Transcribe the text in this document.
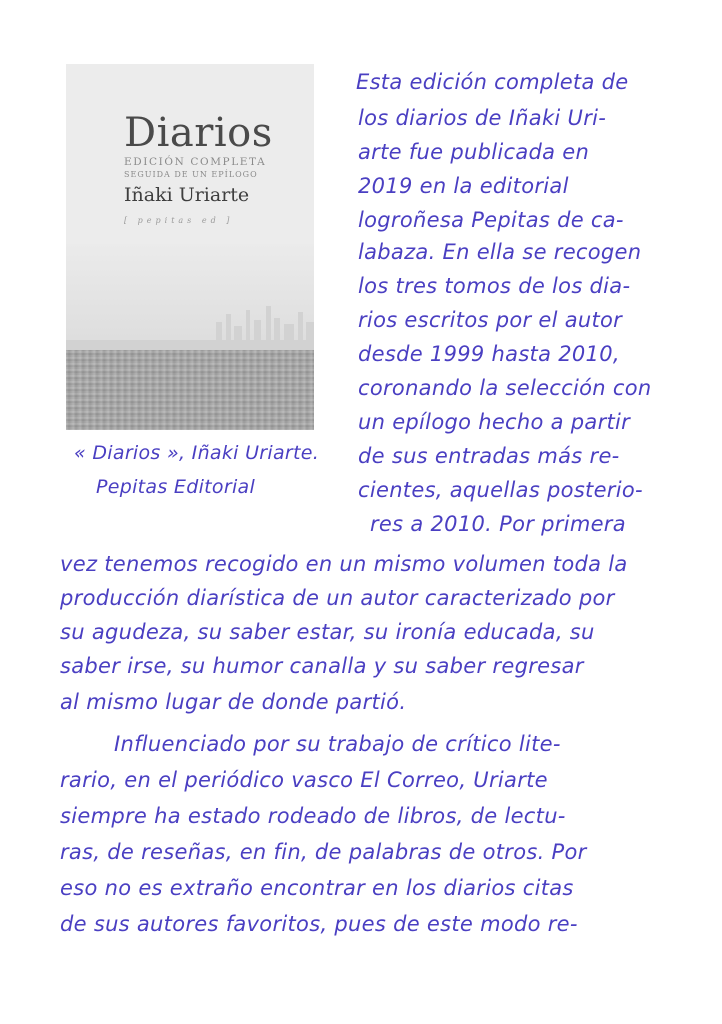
Diarios
EDICIÓN COMPLETA
SEGUIDA DE UN EPÍLOGO
Iñaki Uriarte
[ pepitas ed ]
« Diarios », Iñaki Uriarte.
Pepitas Editorial
Esta edición completa de
los diarios de Iñaki Uri-
arte fue publicada en
2019 en la editorial
logroñesa Pepitas de ca-
labaza. En ella se recogen
los tres tomos de los dia-
rios escritos por el autor
desde 1999 hasta 2010,
coronando la selección con
un epílogo hecho a partir
de sus entradas más re-
cientes, aquellas posterio-
res a 2010. Por primera
vez tenemos recogido en un mismo volumen toda la
producción diarística de un autor caracterizado por
su agudeza, su saber estar, su ironía educada, su
saber irse, su humor canalla y su saber regresar
al mismo lugar de donde partió.
Influenciado por su trabajo de crítico lite-
rario, en el periódico vasco El Correo, Uriarte
siempre ha estado rodeado de libros, de lectu-
ras, de reseñas, en fin, de palabras de otros. Por
eso no es extraño encontrar en los diarios citas
de sus autores favoritos, pues de este modo re-
